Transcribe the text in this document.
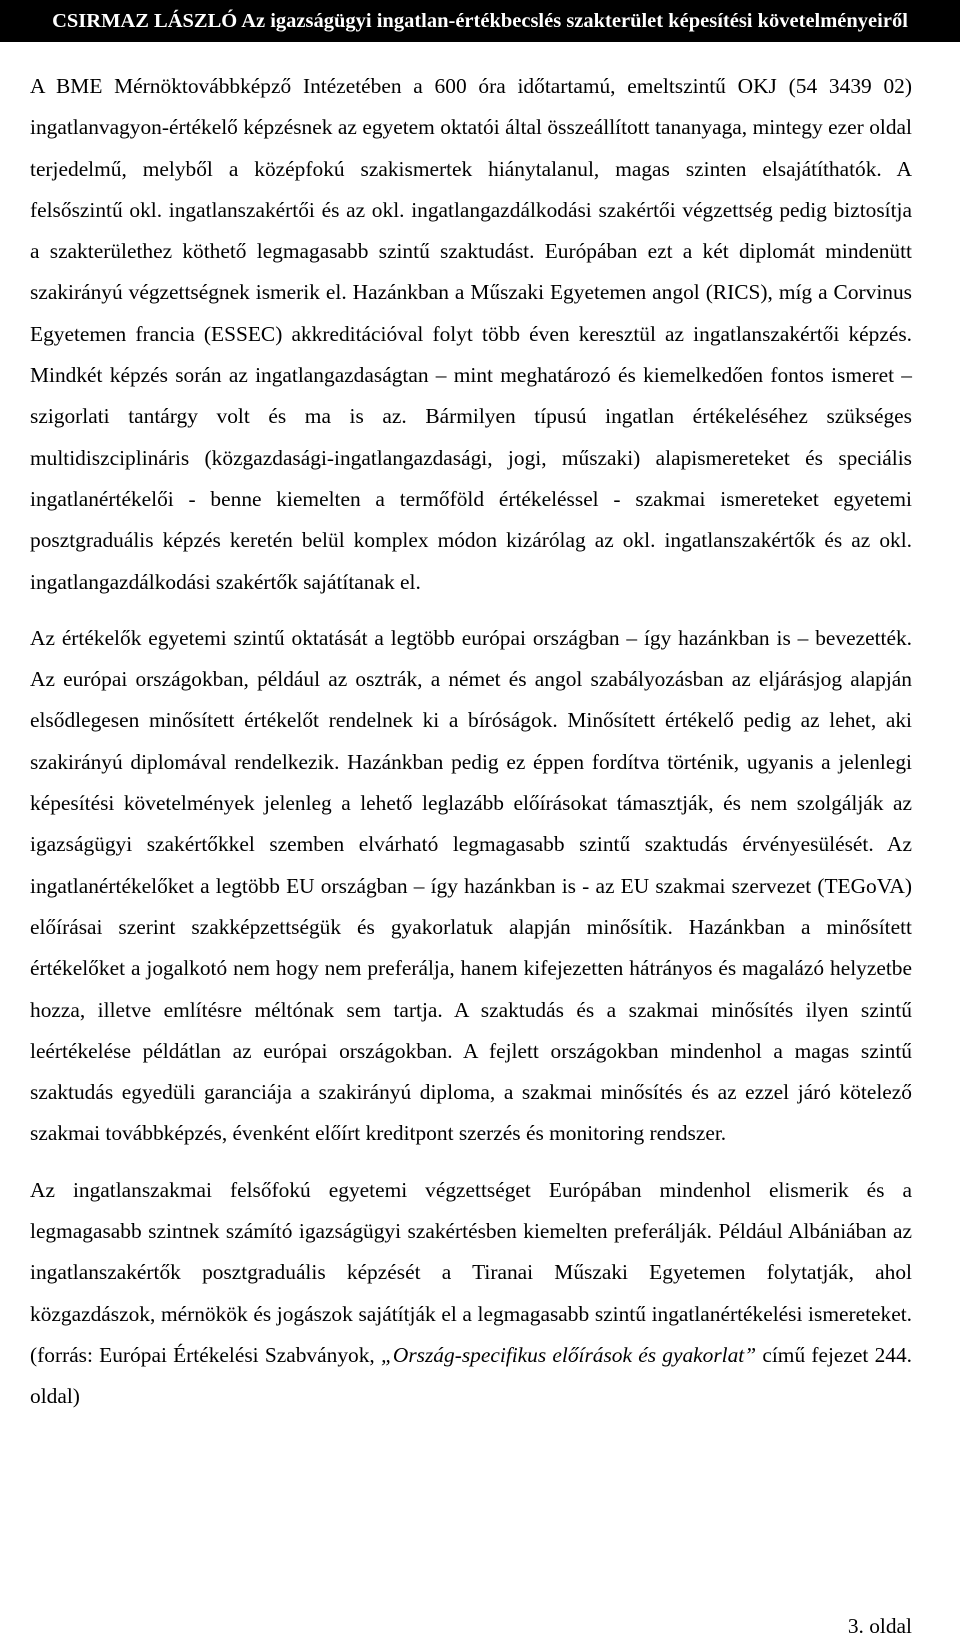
CSIRMAZ LÁSZLÓ Az igazságügyi ingatlan-értékbecslés szakterület képesítési követelményeiről

A BME Mérnöktovábbképző Intézetében a 600 óra időtartamú, emeltszintű OKJ (54 3439 02) ingatlanvagyon-értékelő képzésnek az egyetem oktatói által összeállított tananyaga, mintegy ezer oldal terjedelmű, melyből a középfokú szakismertek hiánytalanul, magas szinten elsajátíthatók. A felsőszintű okl. ingatlanszakértői és az okl. ingatlangazdálkodási szakértői végzettség pedig biztosítja a szakterülethez köthető legmagasabb szintű szaktudást. Európában ezt a két diplomát mindenütt szakirányú végzettségnek ismerik el. Hazánkban a Műszaki Egyetemen angol (RICS), míg a Corvinus Egyetemen francia (ESSEC) akkreditációval folyt több éven keresztül az ingatlanszakértői képzés. Mindkét képzés során az ingatlangazdaságtan – mint meghatározó és kiemelkedően fontos ismeret – szigorlati tantárgy volt és ma is az. Bármilyen típusú ingatlan értékeléséhez szükséges multidiszciplináris (közgazdasági-ingatlangazdasági, jogi, műszaki) alapismereteket és speciális ingatlanértékelői - benne kiemelten a termőföld értékeléssel - szakmai ismereteket egyetemi posztgraduális képzés keretén belül komplex módon kizárólag az okl. ingatlanszakértők és az okl. ingatlangazdálkodási szakértők sajátítanak el.

Az értékelők egyetemi szintű oktatását a legtöbb európai országban – így hazánkban is – bevezették. Az európai országokban, például az osztrák, a német és angol szabályozásban az eljárásjog alapján elsődlegesen minősített értékelőt rendelnek ki a bíróságok. Minősített értékelő pedig az lehet, aki szakirányú diplomával rendelkezik. Hazánkban pedig ez éppen fordítva történik, ugyanis a jelenlegi képesítési követelmények jelenleg a lehető leglazább előírásokat támasztják, és nem szolgálják az igazságügyi szakértőkkel szemben elvárható legmagasabb szintű szaktudás érvényesülését. Az ingatlanértékelőket a legtöbb EU országban – így hazánkban is - az EU szakmai szervezet (TEGoVA) előírásai szerint szakképzettségük és gyakorlatuk alapján minősítik. Hazánkban a minősített értékelőket a jogalkotó nem hogy nem preferálja, hanem kifejezetten hátrányos és magalázó helyzetbe hozza, illetve említésre méltónak sem tartja. A szaktudás és a szakmai minősítés ilyen szintű leértékelése példátlan az európai országokban. A fejlett országokban mindenhol a magas szintű szaktudás egyedüli garanciája a szakirányú diploma, a szakmai minősítés és az ezzel járó kötelező szakmai továbbképzés, évenként előírt kreditpont szerzés és monitoring rendszer.

Az ingatlanszakmai felsőfokú egyetemi végzettséget Európában mindenhol elismerik és a legmagasabb szintnek számító igazságügyi szakértésben kiemelten preferálják. Például Albániában az ingatlanszakértők posztgraduális képzését a Tiranai Műszaki Egyetemen folytatják, ahol közgazdászok, mérnökök és jogászok sajátítják el a legmagasabb szintű ingatlanértékelési ismereteket. (forrás: Európai Értékelési Szabványok, „Ország-specifikus előírások és gyakorlat” című fejezet 244. oldal)

3. oldal
